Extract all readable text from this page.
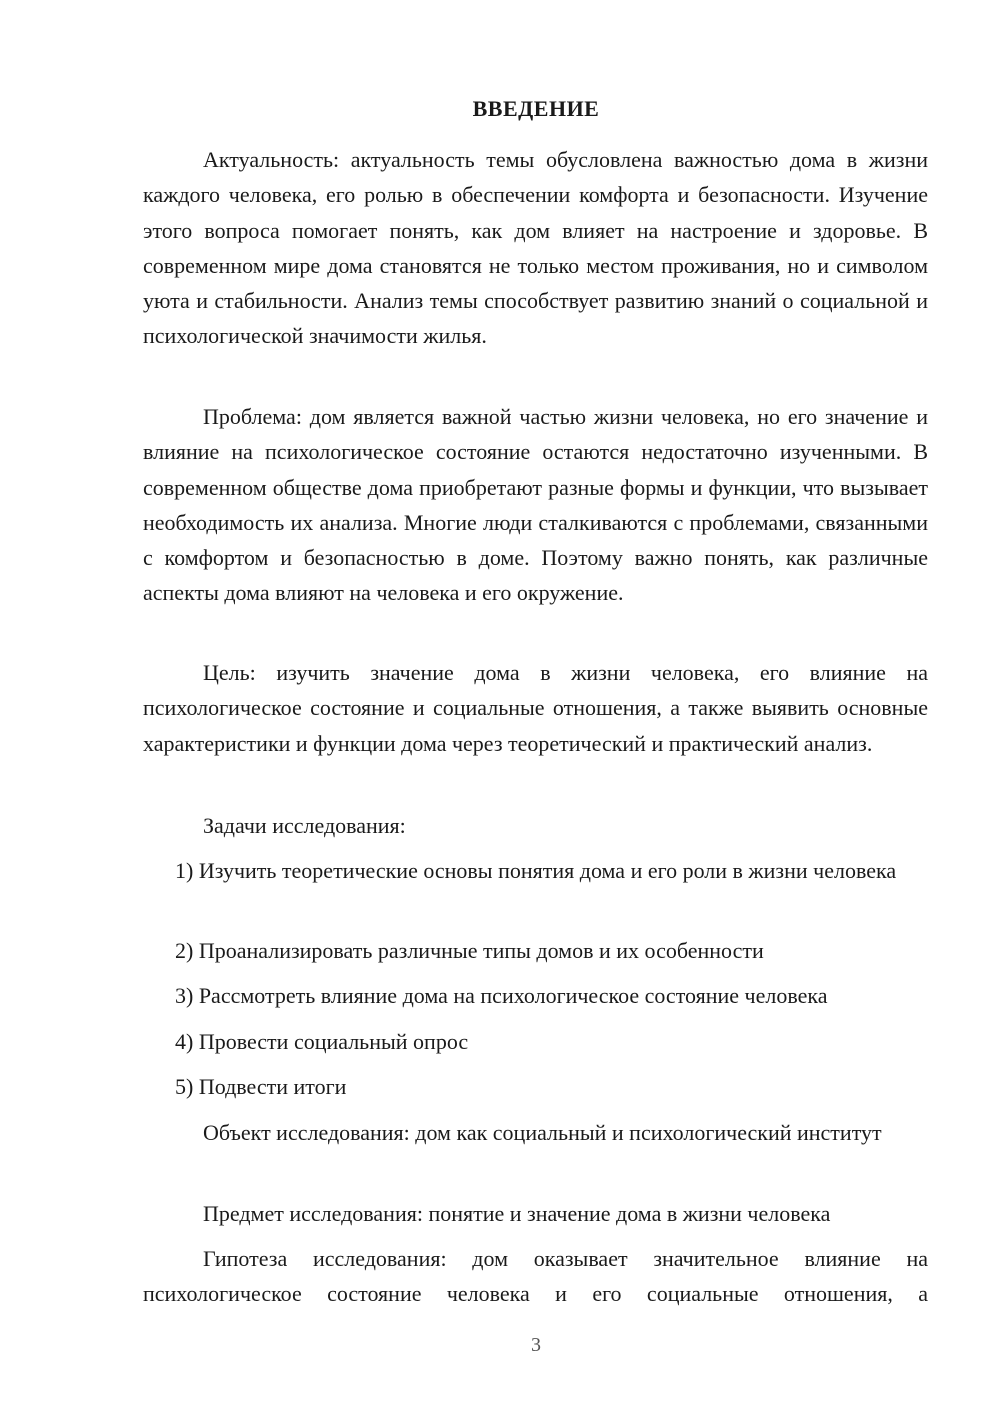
ВВЕДЕНИЕ

Актуальность: актуальность темы обусловлена важностью дома в жизни каждого человека, его ролью в обеспечении комфорта и безопасности. Изучение этого вопроса помогает понять, как дом влияет на настроение и здоровье. В современном мире дома становятся не только местом проживания, но и символом уюта и стабильности. Анализ темы способствует развитию знаний о социальной и психологической значимости жилья.

Проблема: дом является важной частью жизни человека, но его значение и влияние на психологическое состояние остаются недостаточно изученными. В современном обществе дома приобретают разные формы и функции, что вызывает необходимость их анализа. Многие люди сталкиваются с проблемами, связанными с комфортом и безопасностью в доме. Поэтому важно понять, как различные аспекты дома влияют на человека и его окружение.

Цель: изучить значение дома в жизни человека, его влияние на психологическое состояние и социальные отношения, а также выявить основные характеристики и функции дома через теоретический и практический анализ.

Задачи исследования:

1) Изучить теоретические основы понятия дома и его роли в жизни человека

2) Проанализировать различные типы домов и их особенности

3) Рассмотреть влияние дома на психологическое состояние человека

4) Провести социальный опрос

5) Подвести итоги

Объект исследования: дом как социальный и психологический институт

Предмет исследования: понятие и значение дома в жизни человека

Гипотеза исследования: дом оказывает значительное влияние на психологическое состояние человека и его социальные отношения, а

3
